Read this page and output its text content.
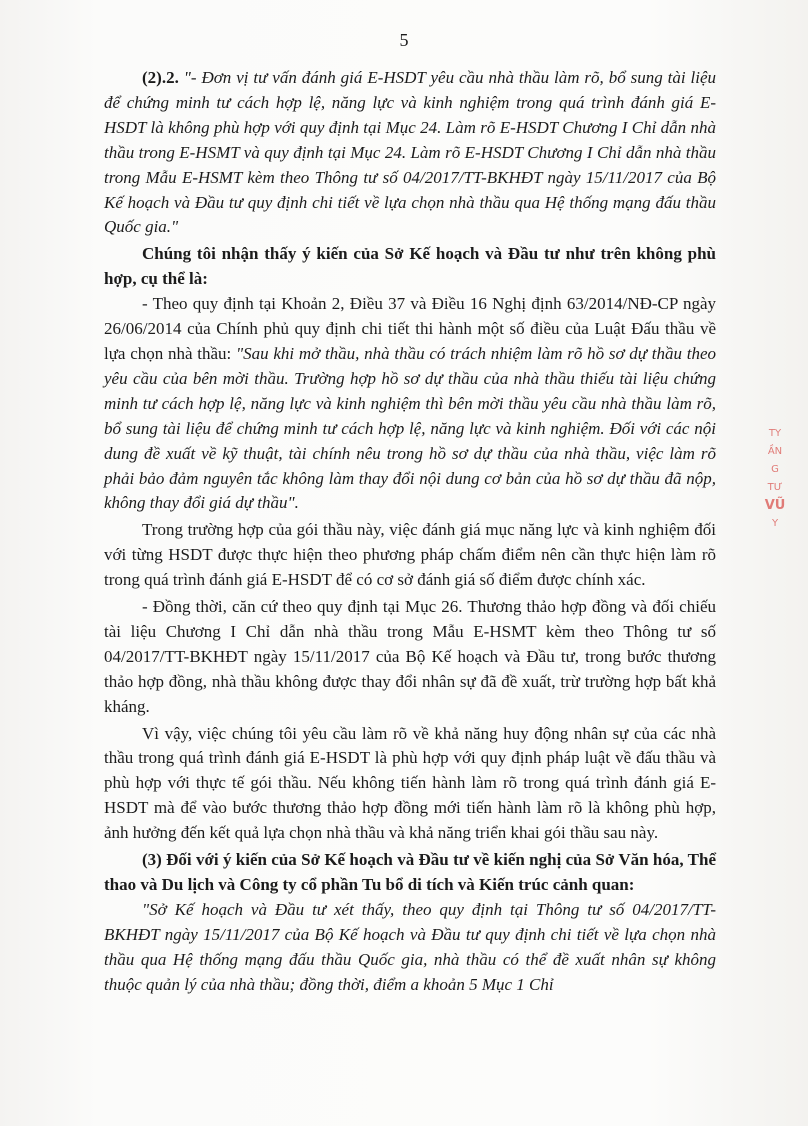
5

(2).2. "- Đơn vị tư vấn đánh giá E-HSDT yêu cầu nhà thầu làm rõ, bổ sung tài liệu để chứng minh tư cách hợp lệ, năng lực và kinh nghiệm trong quá trình đánh giá E-HSDT là không phù hợp với quy định tại Mục 24. Làm rõ E-HSDT Chương I Chỉ dẫn nhà thầu trong E-HSMT và quy định tại Mục 24. Làm rõ E-HSDT Chương I Chỉ dẫn nhà thầu trong Mẫu E-HSMT kèm theo Thông tư số 04/2017/TT-BKHĐT ngày 15/11/2017 của Bộ Kế hoạch và Đầu tư quy định chi tiết về lựa chọn nhà thầu qua Hệ thống mạng đấu thầu Quốc gia."

Chúng tôi nhận thấy ý kiến của Sở Kế hoạch và Đầu tư như trên không phù hợp, cụ thể là:

- Theo quy định tại Khoản 2, Điều 37 và Điều 16 Nghị định 63/2014/NĐ-CP ngày 26/06/2014 của Chính phủ quy định chi tiết thi hành một số điều của Luật Đấu thầu về lựa chọn nhà thầu: "Sau khi mở thầu, nhà thầu có trách nhiệm làm rõ hồ sơ dự thầu theo yêu cầu của bên mời thầu. Trường hợp hồ sơ dự thầu của nhà thầu thiếu tài liệu chứng minh tư cách hợp lệ, năng lực và kinh nghiệm thì bên mời thầu yêu cầu nhà thầu làm rõ, bổ sung tài liệu để chứng minh tư cách hợp lệ, năng lực và kinh nghiệm. Đối với các nội dung đề xuất về kỹ thuật, tài chính nêu trong hồ sơ dự thầu của nhà thầu, việc làm rõ phải bảo đảm nguyên tắc không làm thay đổi nội dung cơ bản của hồ sơ dự thầu đã nộp, không thay đổi giá dự thầu".

Trong trường hợp của gói thầu này, việc đánh giá mục năng lực và kinh nghiệm đối với từng HSDT được thực hiện theo phương pháp chấm điểm nên cần thực hiện làm rõ trong quá trình đánh giá E-HSDT để có cơ sở đánh giá số điểm được chính xác.

- Đồng thời, căn cứ theo quy định tại Mục 26. Thương thảo hợp đồng và đối chiếu tài liệu Chương I Chỉ dẫn nhà thầu trong Mẫu E-HSMT kèm theo Thông tư số 04/2017/TT-BKHĐT ngày 15/11/2017 của Bộ Kế hoạch và Đầu tư, trong bước thương thảo hợp đồng, nhà thầu không được thay đổi nhân sự đã đề xuất, trừ trường hợp bất khả kháng.

Vì vậy, việc chúng tôi yêu cầu làm rõ về khả năng huy động nhân sự của các nhà thầu trong quá trình đánh giá E-HSDT là phù hợp với quy định pháp luật về đấu thầu và phù hợp với thực tế gói thầu. Nếu không tiến hành làm rõ trong quá trình đánh giá E-HSDT mà để vào bước thương thảo hợp đồng mới tiến hành làm rõ là không phù hợp, ảnh hưởng đến kết quả lựa chọn nhà thầu và khả năng triển khai gói thầu sau này.

(3) Đối với ý kiến của Sở Kế hoạch và Đầu tư về kiến nghị của Sở Văn hóa, Thể thao và Du lịch và Công ty cổ phần Tu bổ di tích và Kiến trúc cảnh quan:

"Sở Kế hoạch và Đầu tư xét thấy, theo quy định tại Thông tư số 04/2017/TT-BKHĐT ngày 15/11/2017 của Bộ Kế hoạch và Đầu tư quy định chi tiết về lựa chọn nhà thầu qua Hệ thống mạng đấu thầu Quốc gia, nhà thầu có thể đề xuất nhân sự không thuộc quản lý của nhà thầu; đồng thời, điểm a khoản 5 Mục 1 Chỉ

TY
ẦN
G
TƯ
VŨ
Y
